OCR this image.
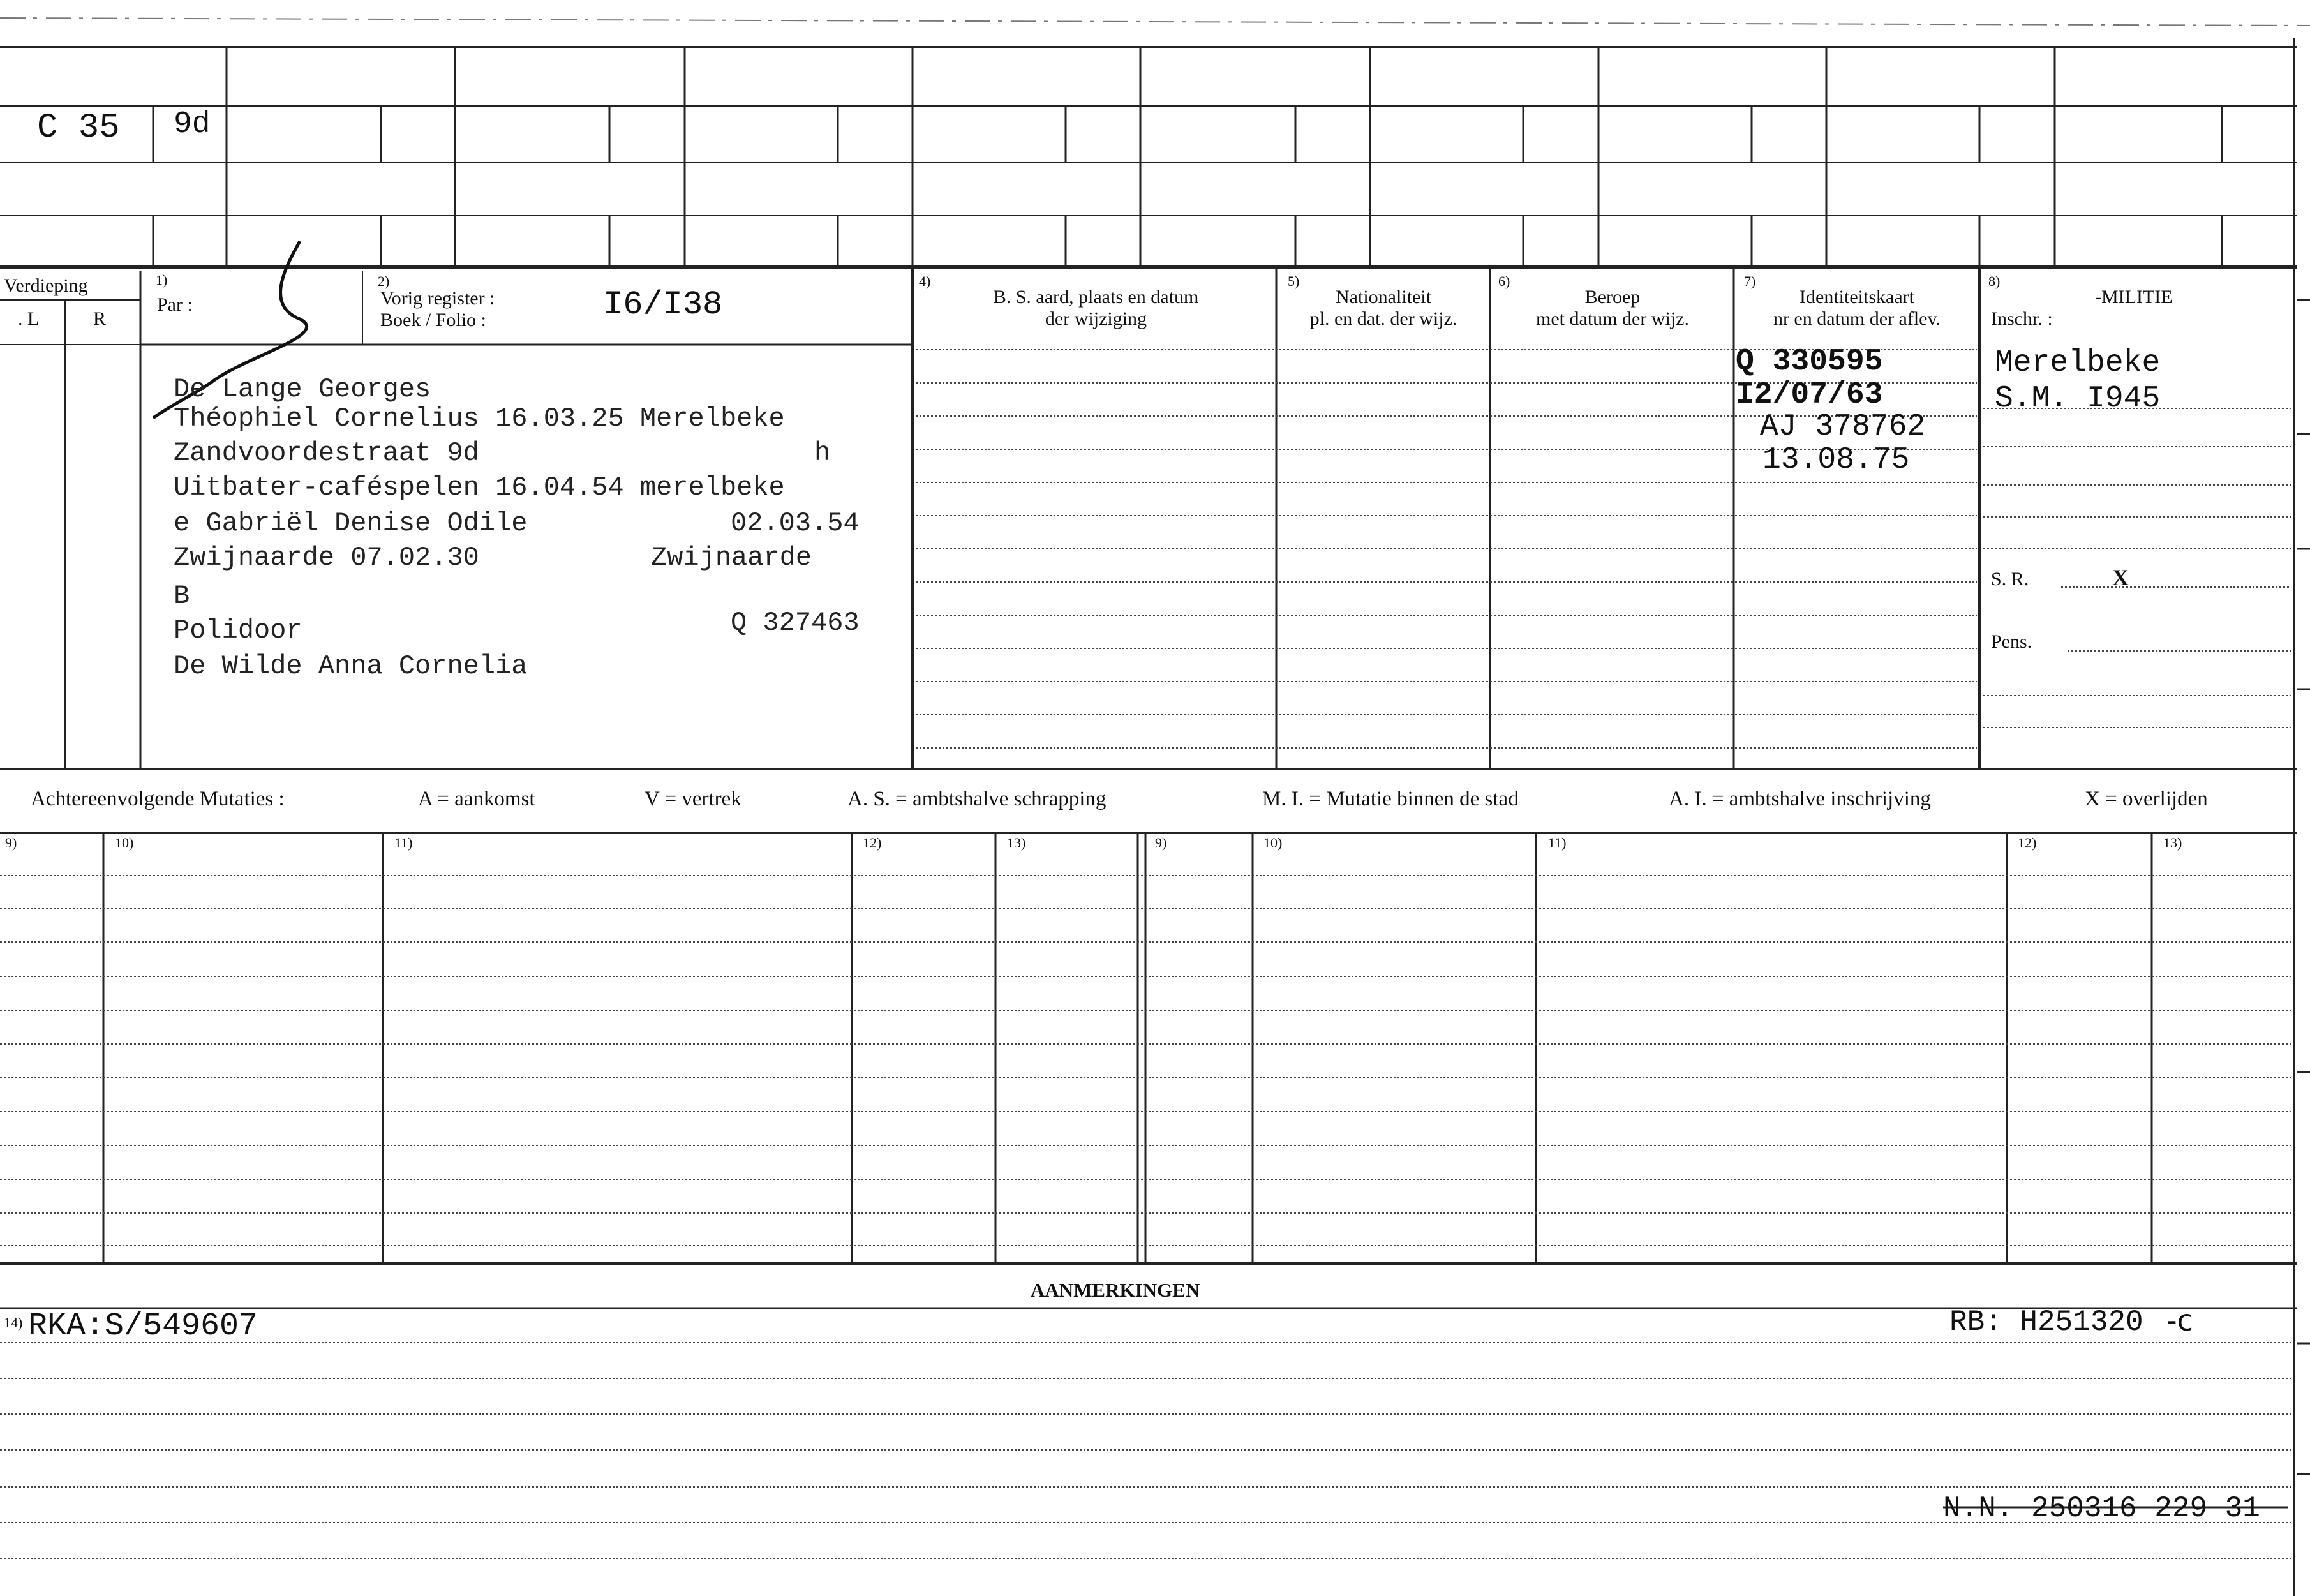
C 35 9d
Verdieping
. L	R
1)
Par :
2)
Vorig register :
Boek / Folio :	I6/I38
4)
B. S. aard, plaats en datum
der wijziging
5)
Nationaliteit
pl. en dat. der wijz.
6)
Beroep
met datum der wijz.
7)
Identiteitskaart
nr en datum der aflev.
8)
-MILITIE
Inschr. :
De Lange Georges
Théophiel Cornelius 16.03.25 Merelbeke
Zandvoordestraat 9d	h
Uitbater-caféspelen 16.04.54 merelbeke
e Gabriël Denise Odile	02.03.54
Zwijnaarde 07.02.30	Zwijnaarde
B
Polidoor	Q 327463
De Wilde Anna Cornelia
Q 330595
I2/07/63
AJ 378762
13.08.75
Merelbeke
S.M. I945
S. R.	X
Pens.
Achtereenvolgende Mutaties :	A = aankomst	V = vertrek	A. S. = ambtshalve schrapping	M. I. = Mutatie binnen de stad	A. I. = ambtshalve inschrijving	X = overlijden
9)	10)	11)	12)	13)	9)	10)	11)	12)	13)
AANMERKINGEN
14) RKA:S/549607	RB: H251320 -c
N.N. 250316 229 31
